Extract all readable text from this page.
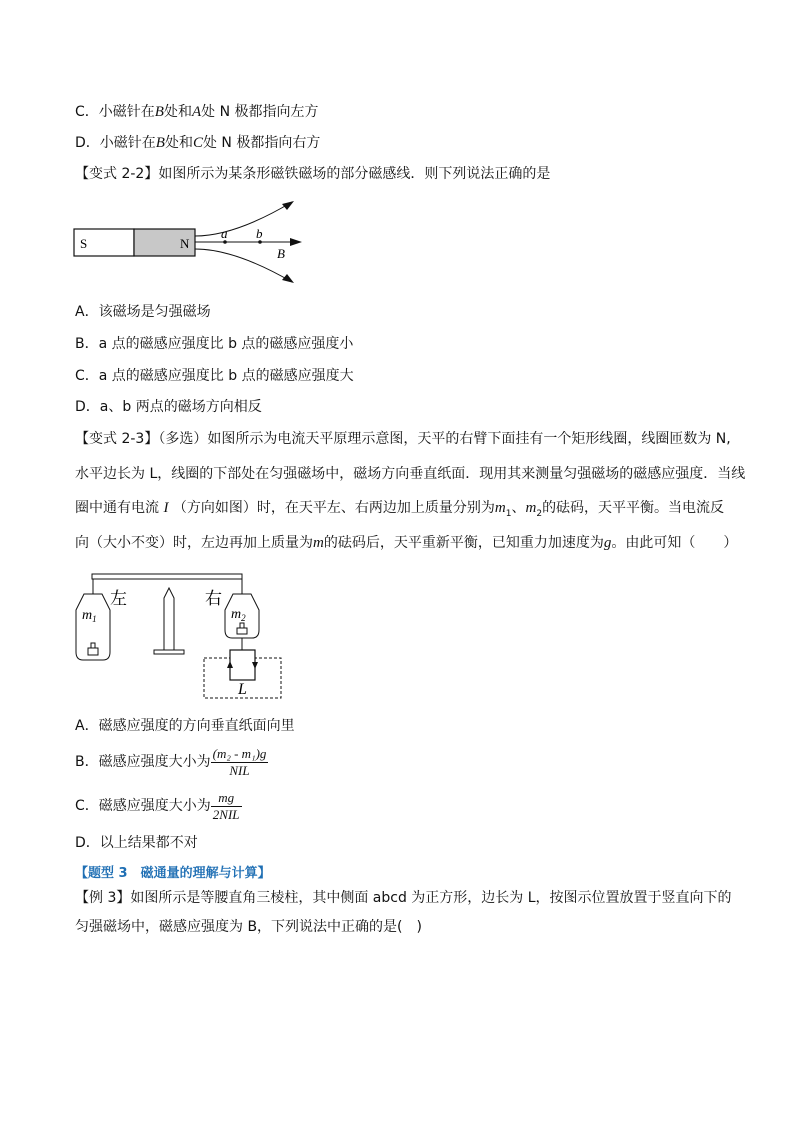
C．小磁针在B处和A处 N 极都指向左方
D．小磁针在B处和C处 N 极都指向右方
【变式 2-2】如图所示为某条形磁铁磁场的部分磁感线．则下列说法正确的是
S	N
a b
B
A．该磁场是匀强磁场
B．a 点的磁感应强度比 b 点的磁感应强度小
C．a 点的磁感应强度比 b 点的磁感应强度大
D．a、b 两点的磁场方向相反
【变式 2-3】（多选）如图所示为电流天平原理示意图，天平的右臂下面挂有一个矩形线圈，线圈匝数为 N,
水平边长为 L，线圈的下部处在匀强磁场中，磁场方向垂直纸面．现用其来测量匀强磁场的磁感应强度．当线
圈中通有电流 I （方向如图）时，在天平左、右两边加上质量分别为$m_1$、$m_2$的砝码，天平平衡。当电流反
向（大小不变）时，左边再加上质量为m的砝码后，天平重新平衡，已知重力加速度为g。由此可知（　　）
左	右
$m_1$	$m_2$
L
A．磁感应强度的方向垂直纸面向里
B．磁感应强度大小为 $\frac{\text{(m₂ - m₁)g}}{\text{NIL}}$
C．磁感应强度大小为 $\frac{mg}{\text{2NIL}}$
D．以上结果都不对
【题型 3　磁通量的理解与计算】
【例 3】如图所示是等腰直角三棱柱，其中侧面 abcd 为正方形，边长为 L，按图示位置放置于竖直向下的
匀强磁场中，磁感应强度为 B，下列说法中正确的是(　)
